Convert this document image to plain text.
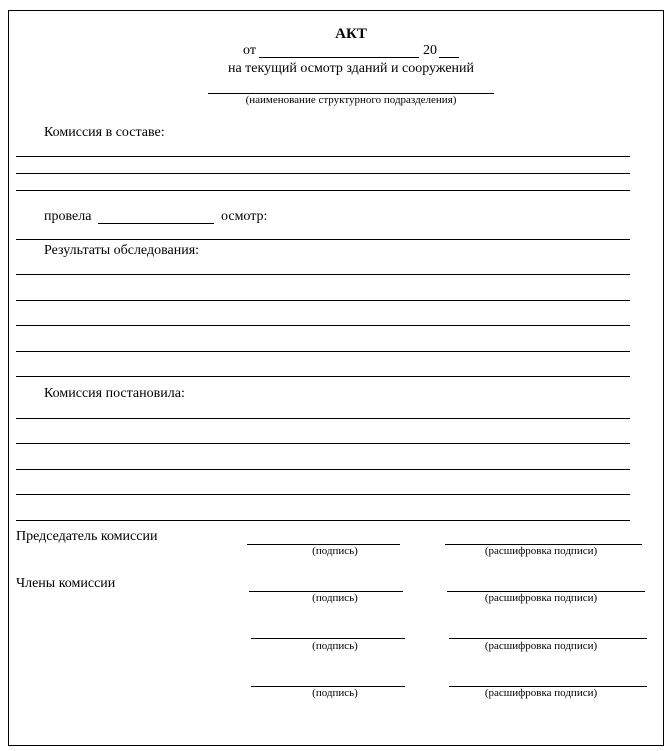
АКТ
от	20
на текущий осмотр зданий и сооружений
(наименование структурного подразделения)
Комиссия в составе:
провела	осмотр:
Результаты обследования:
Комиссия постановила:
Председатель комиссии
(подпись)	(расшифровка подписи)
Члены комиссии
(подпись)	(расшифровка подписи)
(подпись)	(расшифровка подписи)
(подпись)	(расшифровка подписи)
